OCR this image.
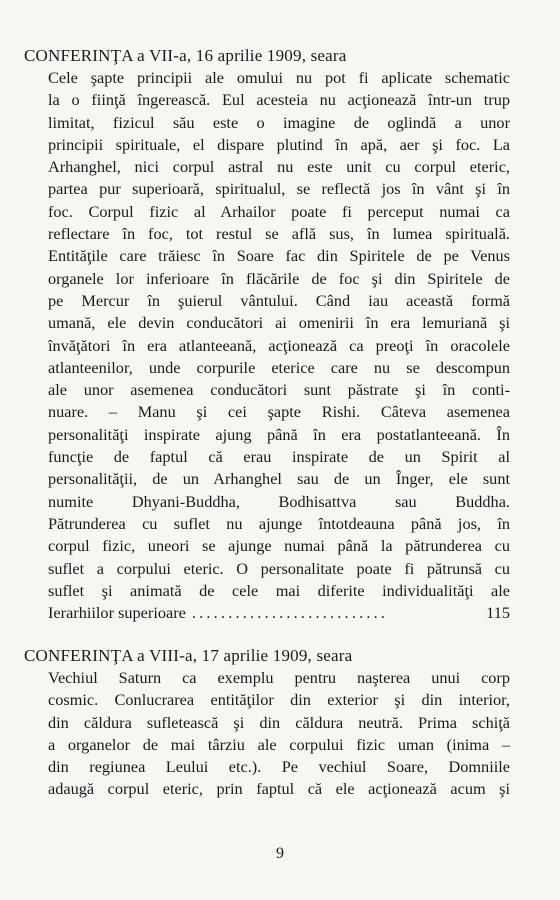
CONFERINŢA a VII-a, 16 aprilie 1909, seara
Cele şapte principii ale omului nu pot fi aplicate schematic
la o fiinţă îngerească. Eul acesteia nu acţionează într-un trup
limitat, fizicul său este o imagine de oglindă a unor
principii spirituale, el dispare plutind în apă, aer şi foc. La
Arhanghel, nici corpul astral nu este unit cu corpul eteric,
partea pur superioară, spiritualul, se reflectă jos în vânt şi în
foc. Corpul fizic al Arhailor poate fi perceput numai ca
reflectare în foc, tot restul se află sus, în lumea spirituală.
Entităţile care trăiesc în Soare fac din Spiritele de pe Venus
organele lor inferioare în flăcările de foc şi din Spiritele de
pe Mercur în şuierul vântului. Când iau această formă
umană, ele devin conducători ai omenirii în era lemuriană şi
învăţători în era atlanteeană, acţionează ca preoţi în oracolele
atlanteenilor, unde corpurile eterice care nu se descompun
ale unor asemenea conducători sunt păstrate şi în conti-
nuare. – Manu şi cei şapte Rishi. Câteva asemenea
personalităţi inspirate ajung până în era postatlanteeană. În
funcţie de faptul că erau inspirate de un Spirit al
personalităţii, de un Arhanghel sau de un Înger, ele sunt
numite Dhyani-Buddha, Bodhisattva sau Buddha.
Pătrunderea cu suflet nu ajunge întotdeauna până jos, în
corpul fizic, uneori se ajunge numai până la pătrunderea cu
suflet a corpului eteric. O personalitate poate fi pătrunsă cu
suflet şi animată de cele mai diferite individualităţi ale
Ierarhiilor superioare ...........................	115
CONFERINŢA a VIII-a, 17 aprilie 1909, seara
Vechiul Saturn ca exemplu pentru naşterea unui corp
cosmic. Conlucrarea entităţilor din exterior şi din interior,
din căldura sufletească şi din căldura neutră. Prima schiţă
a organelor de mai târziu ale corpului fizic uman (inima –
din regiunea Leului etc.). Pe vechiul Soare, Domniile
adaugă corpul eteric, prin faptul că ele acţionează acum şi
9
